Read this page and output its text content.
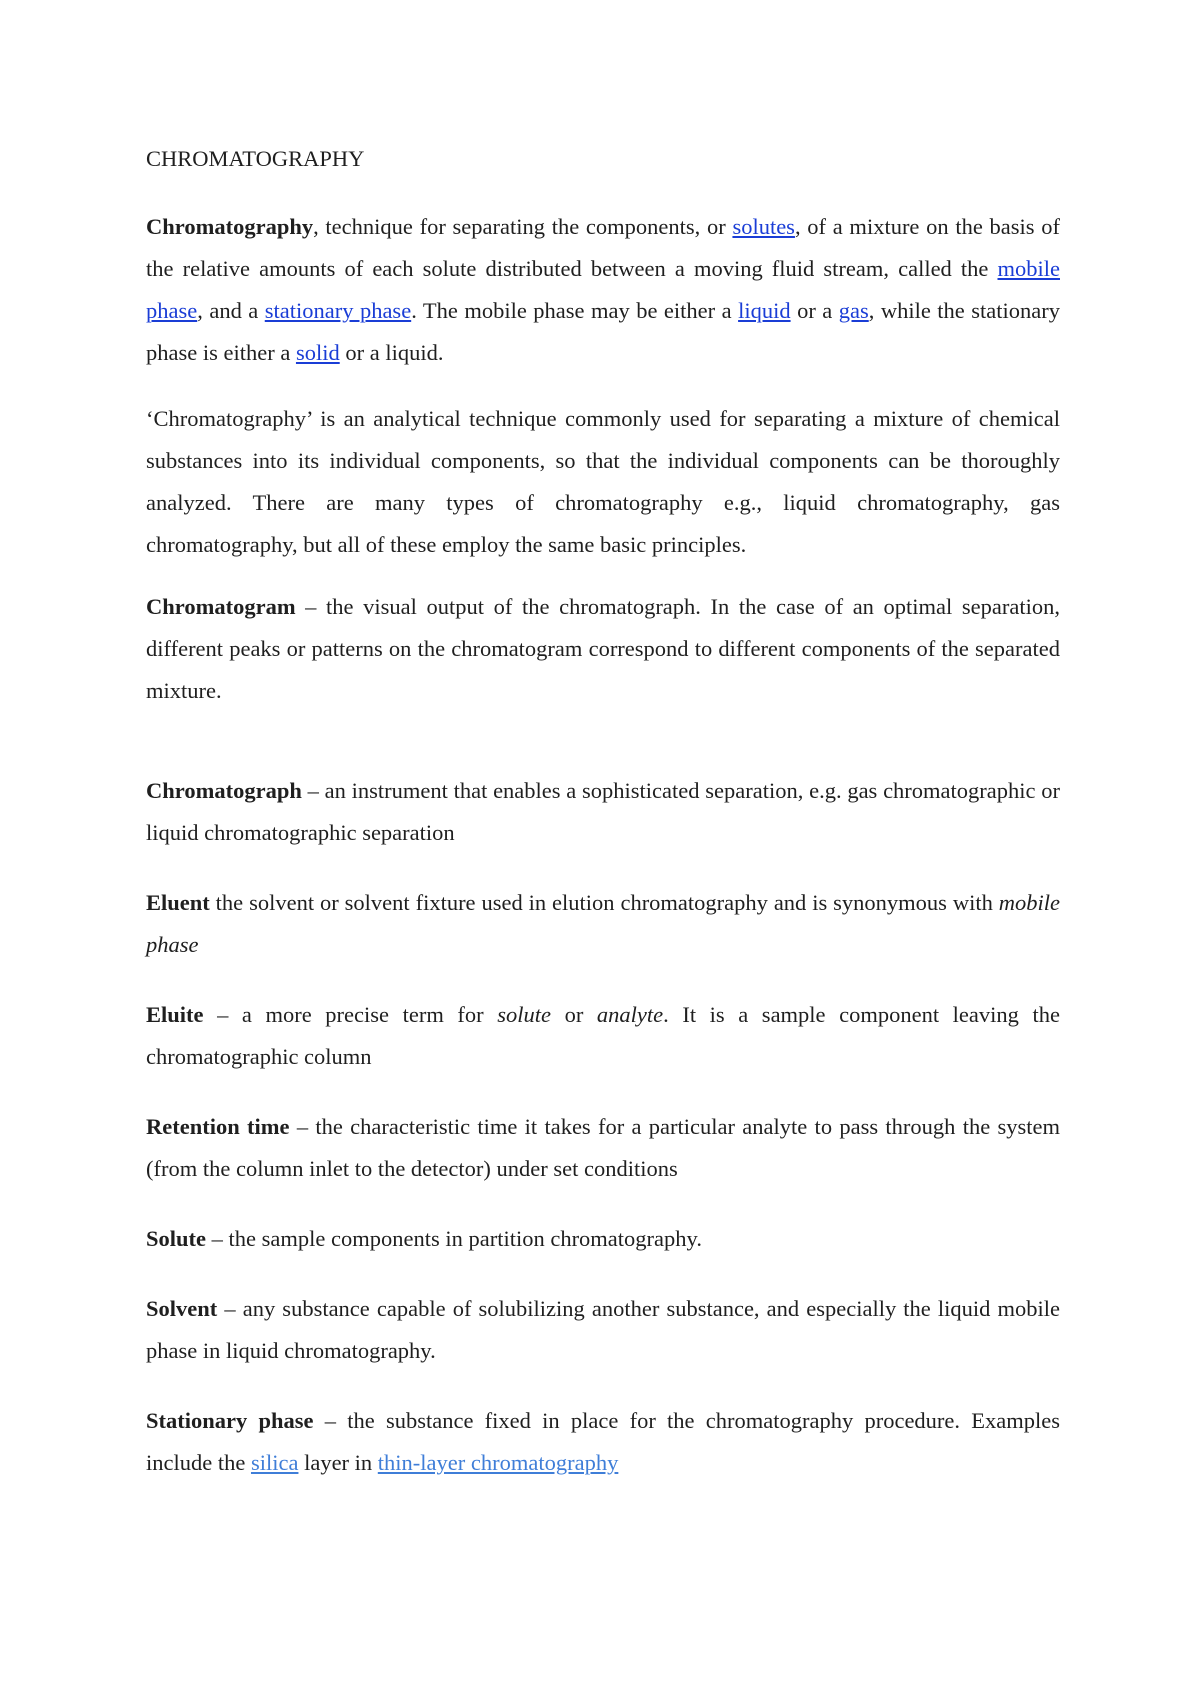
CHROMATOGRAPHY

Chromatography, technique for separating the components, or solutes, of a mixture on the basis of the relative amounts of each solute distributed between a moving fluid stream, called the mobile phase, and a stationary phase. The mobile phase may be either a liquid or a gas, while the stationary phase is either a solid or a liquid.

‘Chromatography’ is an analytical technique commonly used for separating a mixture of chemical substances into its individual components, so that the individual components can be thoroughly analyzed. There are many types of chromatography e.g., liquid chromatography, gas chromatography, but all of these employ the same basic principles.

Chromatogram – the visual output of the chromatograph. In the case of an optimal separation, different peaks or patterns on the chromatogram correspond to different components of the separated mixture.

Chromatograph – an instrument that enables a sophisticated separation, e.g. gas chromatographic or liquid chromatographic separation

Eluent the solvent or solvent fixture used in elution chromatography and is synonymous with mobile phase

Eluite – a more precise term for solute or analyte. It is a sample component leaving the chromatographic column

Retention time – the characteristic time it takes for a particular analyte to pass through the system (from the column inlet to the detector) under set conditions

Solute – the sample components in partition chromatography.

Solvent – any substance capable of solubilizing another substance, and especially the liquid mobile phase in liquid chromatography.

Stationary phase – the substance fixed in place for the chromatography procedure. Examples include the silica layer in thin-layer chromatography
